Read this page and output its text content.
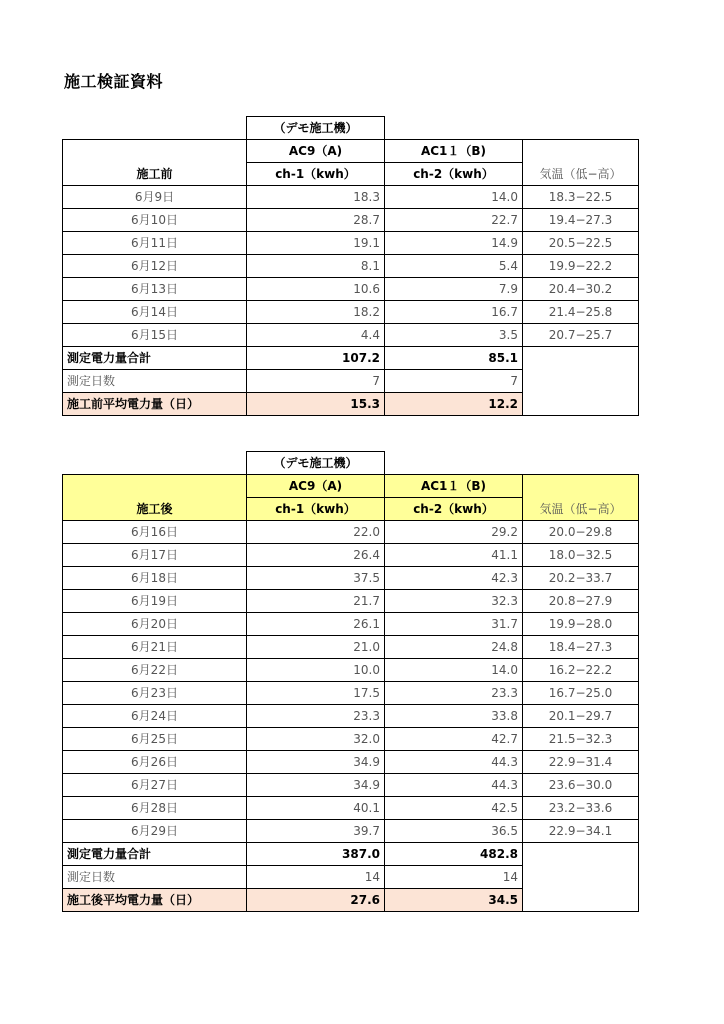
施工検証資料
	（デモ施工機）		
	AC9（A)	AC1１（B)	
施工前	ch-1（kwh）	ch-2（kwh）	気温（低−高）
6月9日	18.3	14.0	18.3−22.5
6月10日	28.7	22.7	19.4−27.3
6月11日	19.1	14.9	20.5−22.5
6月12日	8.1	5.4	19.9−22.2
6月13日	10.6	7.9	20.4−30.2
6月14日	18.2	16.7	21.4−25.8
6月15日	4.4	3.5	20.7−25.7
測定電力量合計	107.2	85.1	
測定日数	7	7	
施工前平均電力量（日）	15.3	12.2	
	（デモ施工機）		
	AC9（A)	AC1１（B)	
施工後	ch-1（kwh）	ch-2（kwh）	気温（低−高）
6月16日	22.0	29.2	20.0−29.8
6月17日	26.4	41.1	18.0−32.5
6月18日	37.5	42.3	20.2−33.7
6月19日	21.7	32.3	20.8−27.9
6月20日	26.1	31.7	19.9−28.0
6月21日	21.0	24.8	18.4−27.3
6月22日	10.0	14.0	16.2−22.2
6月23日	17.5	23.3	16.7−25.0
6月24日	23.3	33.8	20.1−29.7
6月25日	32.0	42.7	21.5−32.3
6月26日	34.9	44.3	22.9−31.4
6月27日	34.9	44.3	23.6−30.0
6月28日	40.1	42.5	23.2−33.6
6月29日	39.7	36.5	22.9−34.1
測定電力量合計	387.0	482.8	
測定日数	14	14	
施工後平均電力量（日）	27.6	34.5	
